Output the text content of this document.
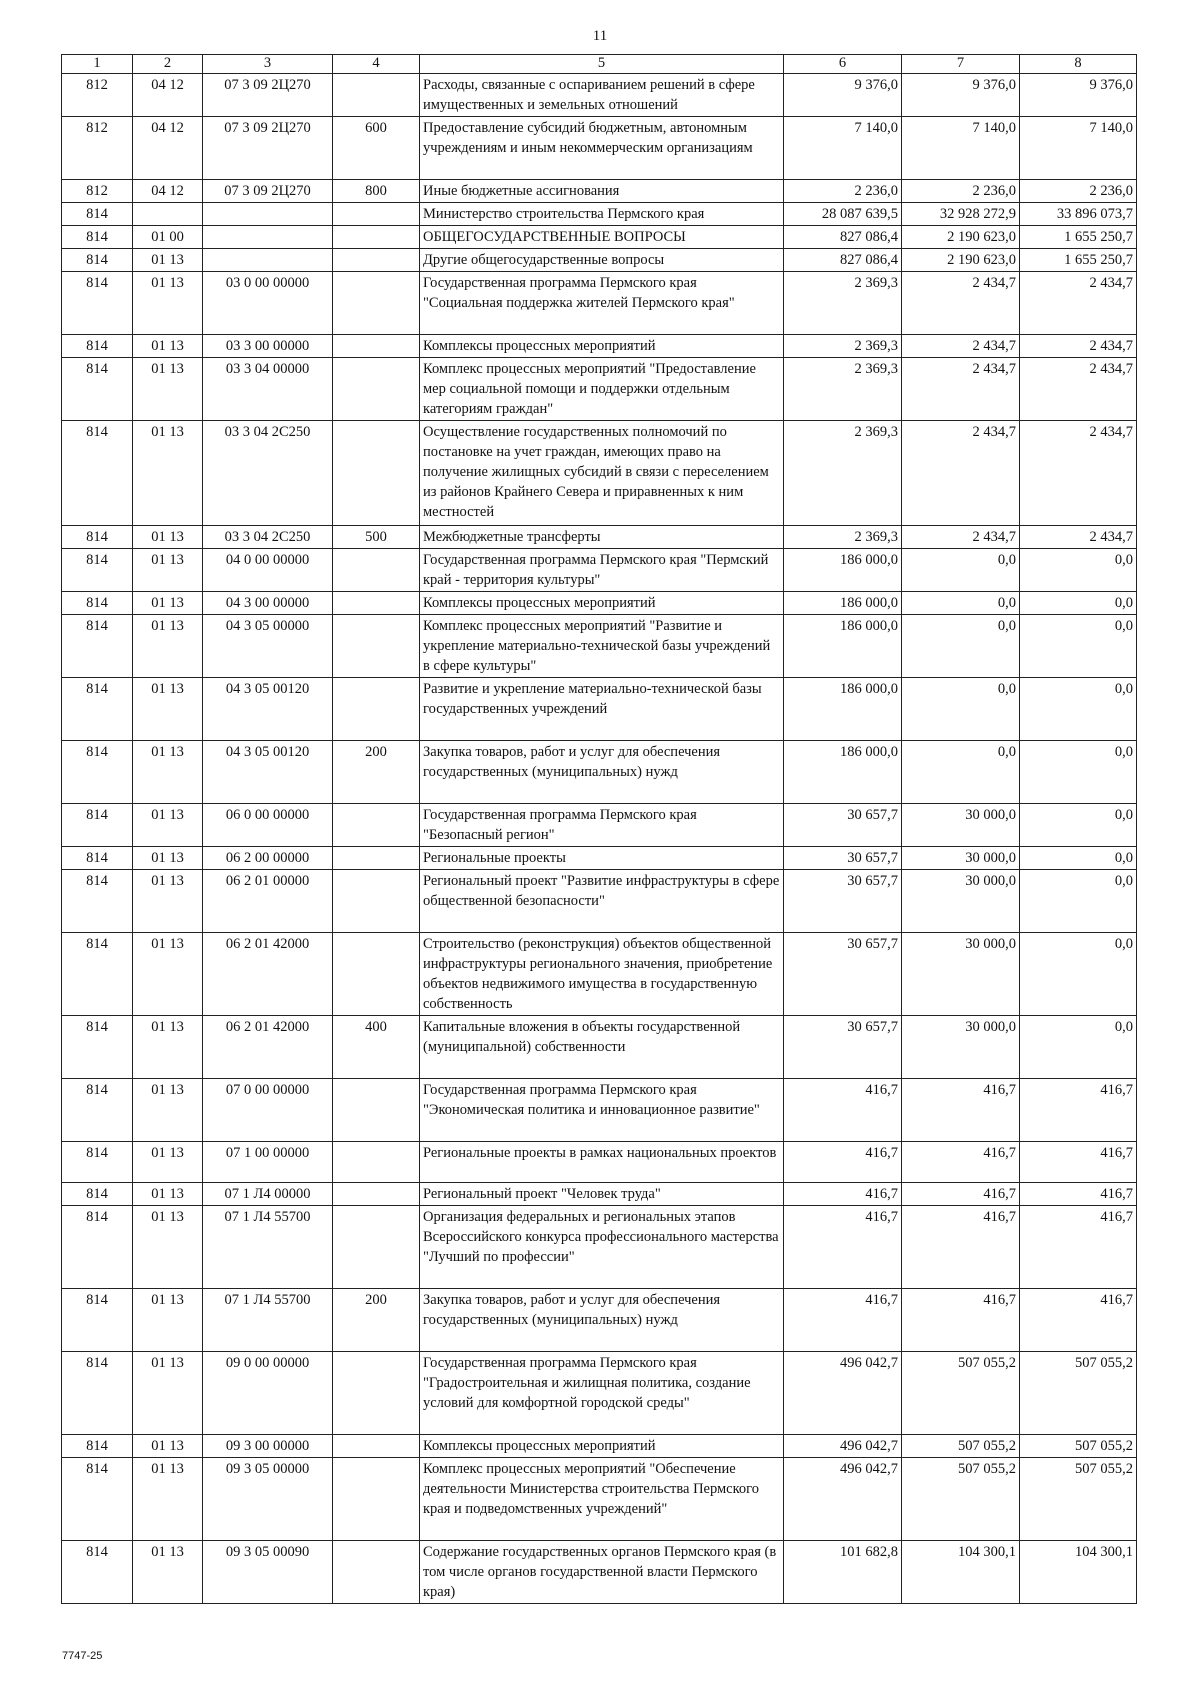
11
1	2	3	4	5	6	7	8
812	04 12	07 3 09 2Ц270		Расходы, связанные с оспариванием решений в сфере имущественных и земельных отношений	9 376,0	9 376,0	9 376,0
812	04 12	07 3 09 2Ц270	600	Предоставление субсидий бюджетным, автономным учреждениям и иным некоммерческим организациям	7 140,0	7 140,0	7 140,0
812	04 12	07 3 09 2Ц270	800	Иные бюджетные ассигнования	2 236,0	2 236,0	2 236,0
814				Министерство строительства Пермского края	28 087 639,5	32 928 272,9	33 896 073,7
814	01 00			ОБЩЕГОСУДАРСТВЕННЫЕ ВОПРОСЫ	827 086,4	2 190 623,0	1 655 250,7
814	01 13			Другие общегосударственные вопросы	827 086,4	2 190 623,0	1 655 250,7
814	01 13	03 0 00 00000		Государственная программа Пермского края "Социальная поддержка жителей Пермского края"	2 369,3	2 434,7	2 434,7
814	01 13	03 3 00 00000		Комплексы процессных мероприятий	2 369,3	2 434,7	2 434,7
814	01 13	03 3 04 00000		Комплекс процессных мероприятий "Предоставление мер социальной помощи и поддержки отдельным категориям граждан"	2 369,3	2 434,7	2 434,7
814	01 13	03 3 04 2С250		Осуществление государственных полномочий по постановке на учет граждан, имеющих право на получение жилищных субсидий в связи с переселением из районов Крайнего Севера и приравненных к ним местностей	2 369,3	2 434,7	2 434,7
814	01 13	03 3 04 2С250	500	Межбюджетные трансферты	2 369,3	2 434,7	2 434,7
814	01 13	04 0 00 00000		Государственная программа Пермского края "Пермский край - территория культуры"	186 000,0	0,0	0,0
814	01 13	04 3 00 00000		Комплексы процессных мероприятий	186 000,0	0,0	0,0
814	01 13	04 3 05 00000		Комплекс процессных мероприятий "Развитие и укрепление материально-технической базы учреждений в сфере культуры"	186 000,0	0,0	0,0
814	01 13	04 3 05 00120		Развитие и укрепление материально-технической базы государственных учреждений	186 000,0	0,0	0,0
814	01 13	04 3 05 00120	200	Закупка товаров, работ и услуг для обеспечения государственных (муниципальных) нужд	186 000,0	0,0	0,0
814	01 13	06 0 00 00000		Государственная программа Пермского края "Безопасный регион"	30 657,7	30 000,0	0,0
814	01 13	06 2 00 00000		Региональные проекты	30 657,7	30 000,0	0,0
814	01 13	06 2 01 00000		Региональный проект "Развитие инфраструктуры в сфере общественной безопасности"	30 657,7	30 000,0	0,0
814	01 13	06 2 01 42000		Строительство (реконструкция) объектов общественной инфраструктуры регионального значения, приобретение объектов недвижимого имущества в государственную собственность	30 657,7	30 000,0	0,0
814	01 13	06 2 01 42000	400	Капитальные вложения в объекты государственной (муниципальной) собственности	30 657,7	30 000,0	0,0
814	01 13	07 0 00 00000		Государственная программа Пермского края "Экономическая политика и инновационное развитие"	416,7	416,7	416,7
814	01 13	07 1 00 00000		Региональные проекты в рамках национальных проектов	416,7	416,7	416,7
814	01 13	07 1 Л4 00000		Региональный проект "Человек труда"	416,7	416,7	416,7
814	01 13	07 1 Л4 55700		Организация федеральных и региональных этапов Всероссийского конкурса профессионального мастерства "Лучший по профессии"	416,7	416,7	416,7
814	01 13	07 1 Л4 55700	200	Закупка товаров, работ и услуг для обеспечения государственных (муниципальных) нужд	416,7	416,7	416,7
814	01 13	09 0 00 00000		Государственная программа Пермского края "Градостроительная и жилищная политика, создание условий для комфортной городской среды"	496 042,7	507 055,2	507 055,2
814	01 13	09 3 00 00000		Комплексы процессных мероприятий	496 042,7	507 055,2	507 055,2
814	01 13	09 3 05 00000		Комплекс процессных мероприятий "Обеспечение деятельности Министерства строительства Пермского края и подведомственных учреждений"	496 042,7	507 055,2	507 055,2
814	01 13	09 3 05 00090		Содержание государственных органов Пермского края (в том числе органов государственной власти Пермского края)	101 682,8	104 300,1	104 300,1
7747-25
